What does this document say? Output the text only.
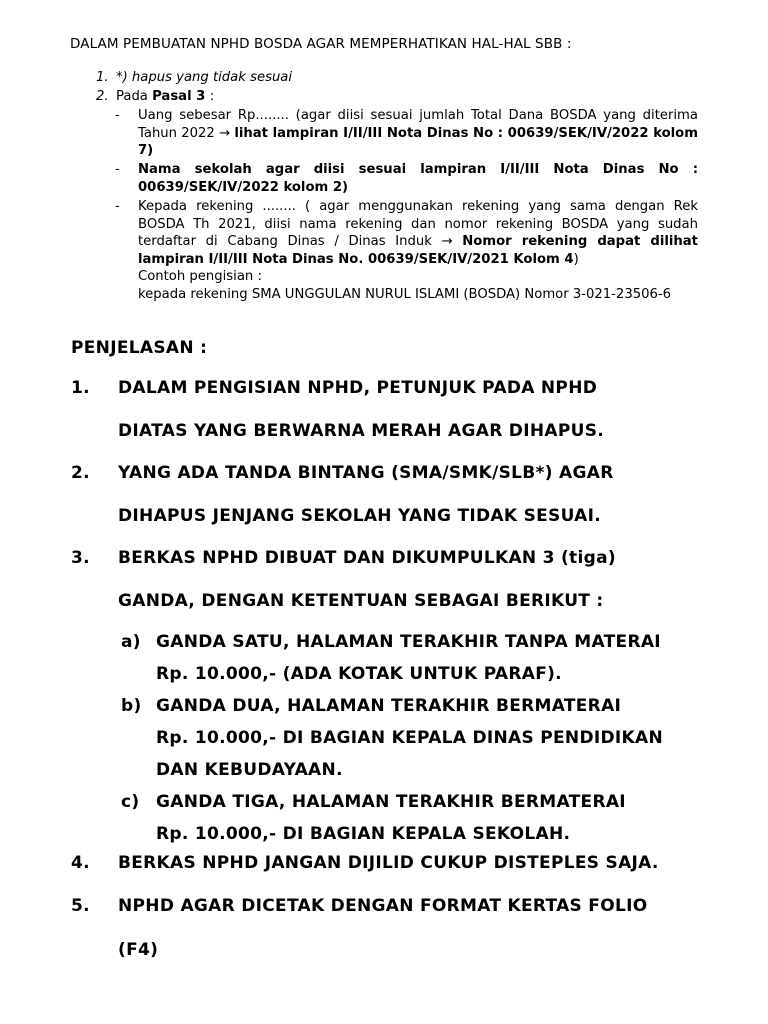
DALAM PEMBUATAN NPHD BOSDA AGAR MEMPERHATIKAN HAL-HAL SBB :
1. *) hapus yang tidak sesuai
2. Pada Pasal 3 :
- Uang sebesar Rp........ (agar diisi sesuai jumlah Total Dana BOSDA yang diterima Tahun 2022 → lihat lampiran I/II/III Nota Dinas No : 00639/SEK/IV/2022 kolom 7)
- Nama sekolah agar diisi sesuai lampiran I/II/III Nota Dinas No : 00639/SEK/IV/2022 kolom 2)
- Kepada rekening ........ ( agar menggunakan rekening yang sama dengan Rek BOSDA Th 2021, diisi nama rekening dan nomor rekening BOSDA yang sudah terdaftar di Cabang Dinas / Dinas Induk → Nomor rekening dapat dilihat lampiran I/II/III Nota Dinas No. 00639/SEK/IV/2021 Kolom 4)
Contoh pengisian :
kepada rekening SMA UNGGULAN NURUL ISLAMI (BOSDA) Nomor 3-021-23506-6
PENJELASAN :
1. DALAM PENGISIAN NPHD, PETUNJUK PADA NPHD
DIATAS YANG BERWARNA MERAH AGAR DIHAPUS.
2. YANG ADA TANDA BINTANG (SMA/SMK/SLB*) AGAR
DIHAPUS JENJANG SEKOLAH YANG TIDAK SESUAI.
3. BERKAS NPHD DIBUAT DAN DIKUMPULKAN 3 (tiga)
GANDA, DENGAN KETENTUAN SEBAGAI BERIKUT :
a) GANDA SATU, HALAMAN TERAKHIR TANPA MATERAI
Rp. 10.000,- (ADA KOTAK UNTUK PARAF).
b) GANDA DUA, HALAMAN TERAKHIR BERMATERAI
Rp. 10.000,- DI BAGIAN KEPALA DINAS PENDIDIKAN
DAN KEBUDAYAAN.
c) GANDA TIGA, HALAMAN TERAKHIR BERMATERAI
Rp. 10.000,- DI BAGIAN KEPALA SEKOLAH.
4. BERKAS NPHD JANGAN DIJILID CUKUP DISTEPLES SAJA.
5. NPHD AGAR DICETAK DENGAN FORMAT KERTAS FOLIO
(F4)
